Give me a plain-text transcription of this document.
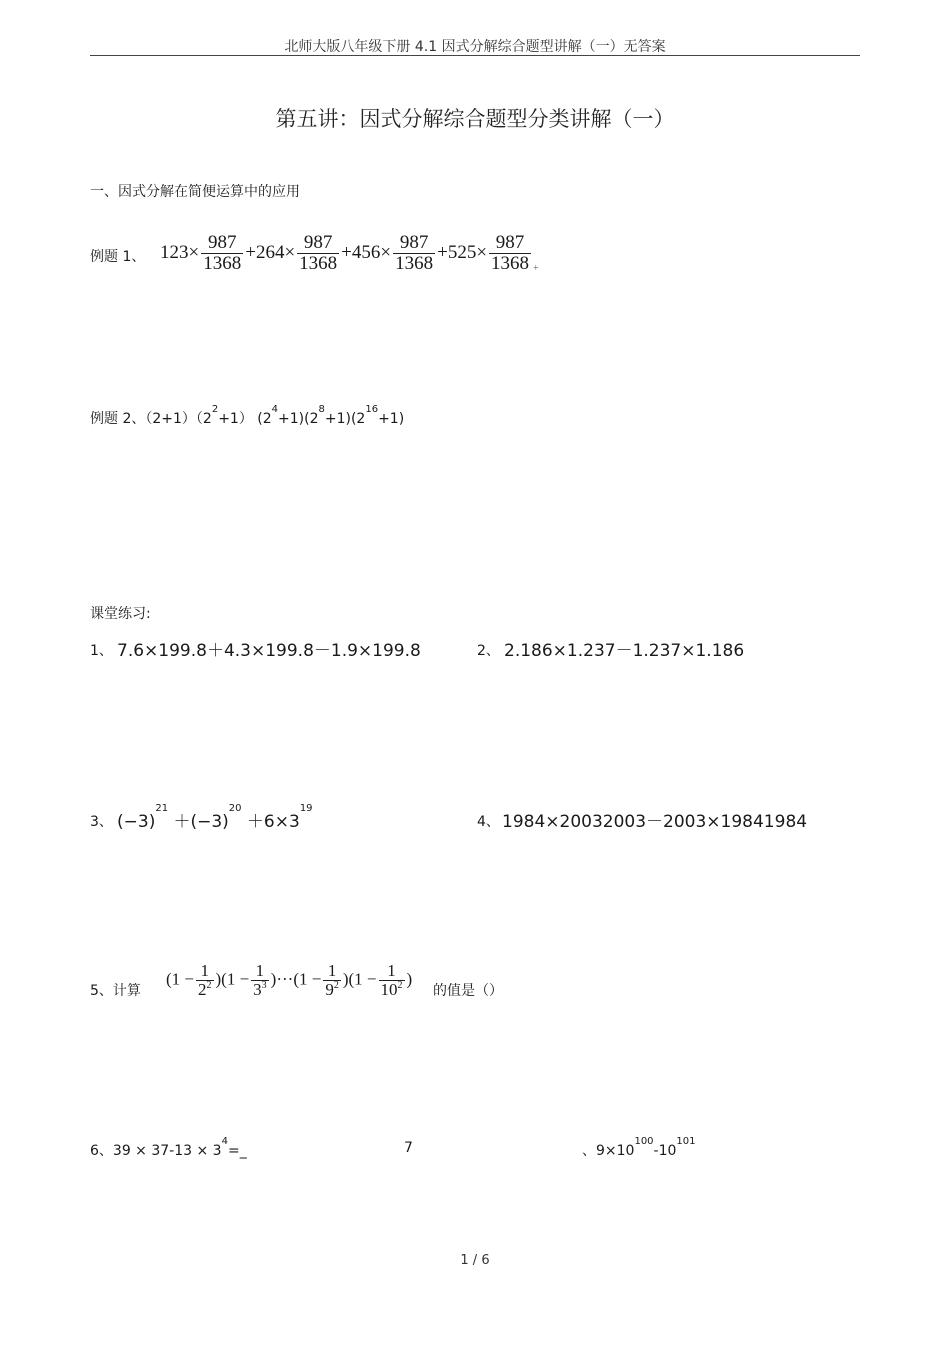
北师大版八年级下册 4.1 因式分解综合题型讲解（一）无答案
第五讲：因式分解综合题型分类讲解（一）
一、因式分解在简便运算中的应用
例题 1、 $123\times \frac{987}{1368} +264\times \frac{987}{1368} +456\times \frac{987}{1368} +525\times \frac{987}{1368}$ +
例题 2、$(2+1)(2^2+1)$ $(2^4+1)(2^8+1)(2^{16}+1)$
课堂练习:
1、 7.6×199.8＋4.3×199.8－1.9×199.8	2、 2.186×1.237－1.237×1.186
3、 $(-3)^{21} +(-3)^{20} +6\times 3^{19}$
4、 1984×20032003－2003×19841984
5、计算
$(1 - \frac{1}{2^2} )(1 - \frac{1}{3^3} )\cdot\cdot\cdot(1 - \frac{1}{9^2} )(1 - \frac{1}{10^2}$ )
的值是（）
6、$39 \times 37-13 \times 3^4=\_$	7	、$9\times 10^{100}-10^{101}$
1 / 6
